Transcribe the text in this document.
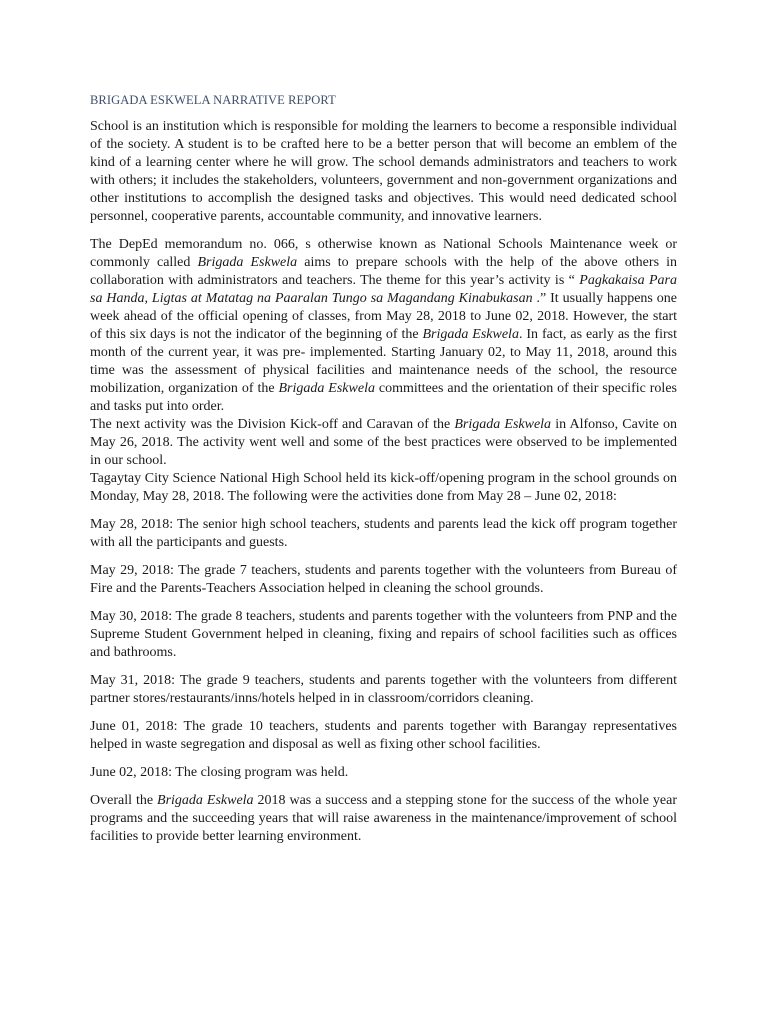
BRIGADA ESKWELA NARRATIVE REPORT

School is an institution which is responsible for molding the learners to become a responsible individual of the society. A student is to be crafted here to be a better person that will become an emblem of the kind of a learning center where he will grow. The school demands administrators and teachers to work with others; it includes the stakeholders, volunteers, government and non-government organizations and other institutions to accomplish the designed tasks and objectives. This would need dedicated school personnel, cooperative parents, accountable community, and innovative learners.

The DepEd memorandum no. 066, s otherwise known as National Schools Maintenance week or commonly called Brigada Eskwela aims to prepare schools with the help of the above others in collaboration with administrators and teachers. The theme for this year’s activity is “ Pagkakaisa Para sa Handa, Ligtas at Matatag na Paaralan Tungo sa Magandang Kinabukasan .” It usually happens one week ahead of the official opening of classes, from May 28, 2018 to June 02, 2018. However, the start of this six days is not the indicator of the beginning of the Brigada Eskwela. In fact, as early as the first month of the current year, it was pre- implemented. Starting January 02, to May 11, 2018, around this time was the assessment of physical facilities and maintenance needs of the school, the resource mobilization, organization of the Brigada Eskwela committees and the orientation of their specific roles and tasks put into order.

The next activity was the Division Kick-off and Caravan of the Brigada Eskwela in Alfonso, Cavite on May 26, 2018. The activity went well and some of the best practices were observed to be implemented in our school.

Tagaytay City Science National High School held its kick-off/opening program in the school grounds on Monday, May 28, 2018. The following were the activities done from May 28 – June 02, 2018:

May 28, 2018: The senior high school teachers, students and parents lead the kick off program together with all the participants and guests.

May 29, 2018: The grade 7 teachers, students and parents together with the volunteers from Bureau of Fire and the Parents-Teachers Association helped in cleaning the school grounds.

May 30, 2018: The grade 8 teachers, students and parents together with the volunteers from PNP and the Supreme Student Government helped in cleaning, fixing and repairs of school facilities such as offices and bathrooms.

May 31, 2018: The grade 9 teachers, students and parents together with the volunteers from different partner stores/restaurants/inns/hotels helped in in classroom/corridors cleaning.

June 01, 2018: The grade 10 teachers, students and parents together with Barangay representatives helped in waste segregation and disposal as well as fixing other school facilities.

June 02, 2018: The closing program was held.

Overall the Brigada Eskwela 2018 was a success and a stepping stone for the success of the whole year programs and the succeeding years that will raise awareness in the maintenance/improvement of school facilities to provide better learning environment.
